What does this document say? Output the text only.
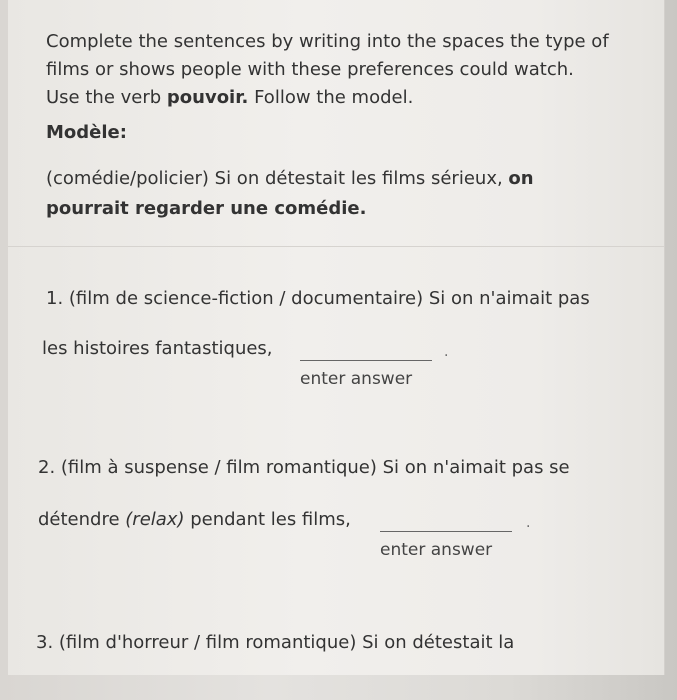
Complete the sentences by writing into the spaces the type of
films or shows people with these preferences could watch.
Use the verb pouvoir. Follow the model.
Modèle:
(comédie/policier) Si on détestait les films sérieux, on
pourrait regarder une comédie.
1. (film de science-fiction / documentaire) Si on n'aimait pas
les histoires fantastiques,
enter answer	.
2. (film à suspense / film romantique) Si on n'aimait pas se
détendre (relax) pendant les films,
enter answer	.
3. (film d'horreur / film romantique) Si on détestait la
